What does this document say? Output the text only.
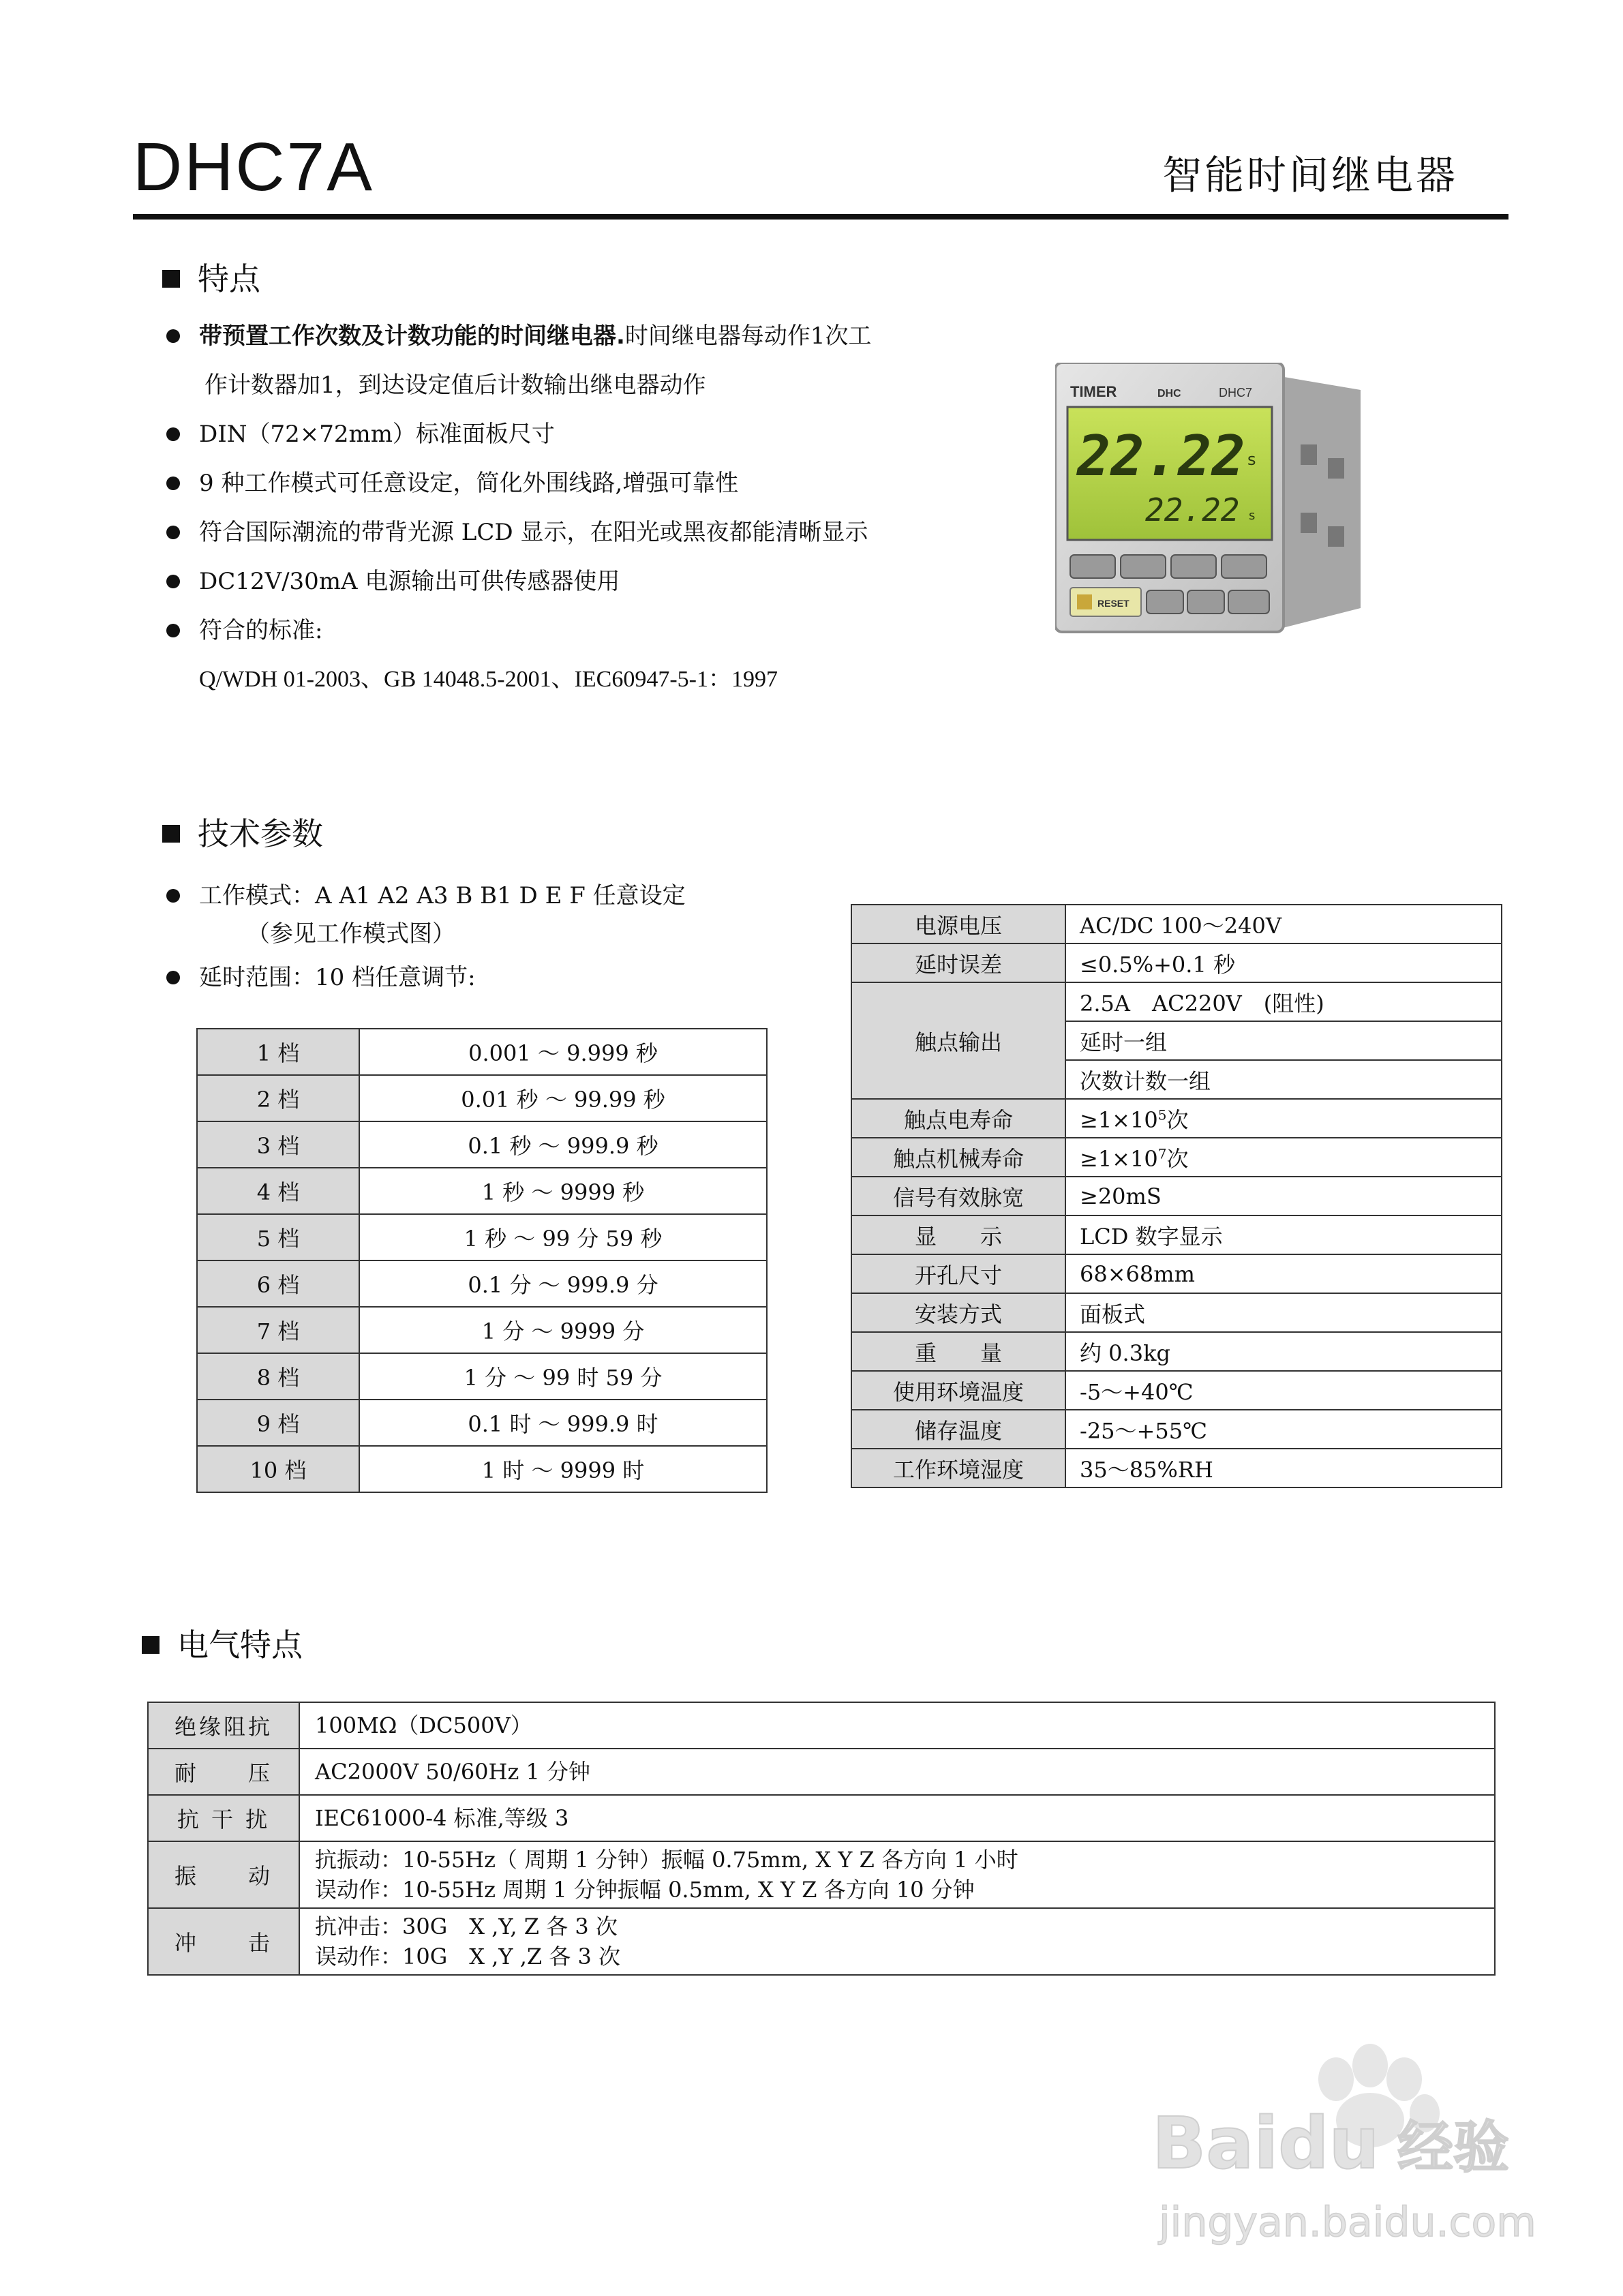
DHC7A	智能时间继电器
特点
带预置工作次数及计数功能的时间继电器.时间继电器每动作1次工
作计数器加1，到达设定值后计数输出继电器动作
DIN（72×72mm）标准面板尺寸
9 种工作模式可任意设定，简化外围线路,增强可靠性
符合国际潮流的带背光源 LCD 显示，在阳光或黑夜都能清晰显示
DC12V/30mA 电源输出可供传感器使用
符合的标准:
Q/WDH 01-2003、GB 14048.5-2001、IEC60947-5-1：1997
TIMER	DHC	DHC7
22.22 s
22.22 s
RESET
技术参数
工作模式：A A1 A2 A3 B B1 D E F 任意设定
（参见工作模式图）
延时范围：10 档任意调节:
1 档	0.001 ～ 9.999 秒
2 档	0.01 秒 ～ 99.99 秒
3 档	0.1 秒 ～ 999.9 秒
4 档	1 秒 ～ 9999 秒
5 档	1 秒 ～ 99 分 59 秒
6 档	0.1 分 ～ 999.9 分
7 档	1 分 ～ 9999 分
8 档	1 分 ～ 99 时 59 分
9 档	0.1 时 ～ 999.9 时
10 档	1 时 ～ 9999 时
电源电压	AC/DC 100～240V
延时误差	≤0.5%+0.1 秒
触点输出	2.5A　AC220V　(阻性)
	延时一组
	次数计数一组
触点电寿命	$\ge 1\times 10^5$次
触点机械寿命	$\ge 1\times 10^7$次
信号有效脉宽	≥20mS
显　　示	LCD 数字显示
开孔尺寸	68×68mm
安装方式	面板式
重　　量	约 0.3kg
使用环境温度	-5～+40℃
储存温度	-25～+55℃
工作环境湿度	35～85%RH
电气特点
绝缘阻抗	100MΩ（DC500V）
耐　　压	AC2000V 50/60Hz 1 分钟
抗 干 扰	IEC61000-4 标准,等级 3
振　　动	抗振动：10-55Hz（ 周期 1 分钟）振幅 0.75mm, X Y Z 各方向 1 小时
误动作：10-55Hz 周期 1 分钟振幅 0.5mm, X Y Z 各方向 10 分钟

冲　　击	抗冲击：30G　X ,Y, Z 各 3 次
误动作：10G　X ,Y ,Z 各 3 次
Baidu 经验
jingyan.baidu.com
